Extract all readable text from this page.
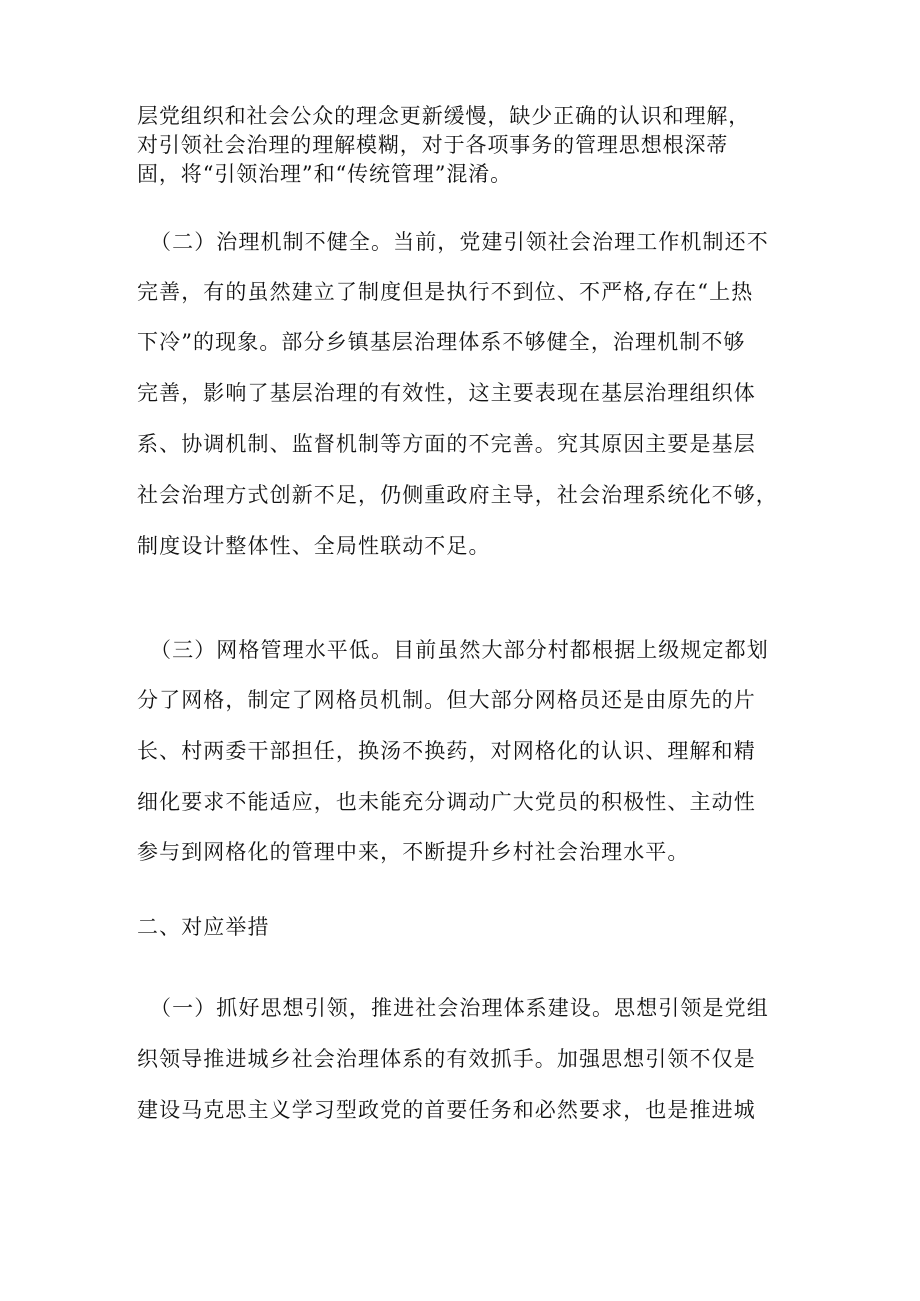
层党组织和社会公众的理念更新缓慢，缺少正确的认识和理解，
对引领社会治理的理解模糊，对于各项事务的管理思想根深蒂
固，将“引领治理”和“传统管理”混淆。
（二）治理机制不健全。当前，党建引领社会治理工作机制还不
完善，有的虽然建立了制度但是执行不到位、不严格,存在“上热
下冷”的现象。部分乡镇基层治理体系不够健全，治理机制不够
完善，影响了基层治理的有效性，这主要表现在基层治理组织体
系、协调机制、监督机制等方面的不完善。究其原因主要是基层
社会治理方式创新不足，仍侧重政府主导，社会治理系统化不够，
制度设计整体性、全局性联动不足。
（三）网格管理水平低。目前虽然大部分村都根据上级规定都划
分了网格，制定了网格员机制。但大部分网格员还是由原先的片
长、村两委干部担任，换汤不换药，对网格化的认识、理解和精
细化要求不能适应，也未能充分调动广大党员的积极性、主动性
参与到网格化的管理中来，不断提升乡村社会治理水平。
二、对应举措
（一）抓好思想引领，推进社会治理体系建设。思想引领是党组
织领导推进城乡社会治理体系的有效抓手。加强思想引领不仅是
建设马克思主义学习型政党的首要任务和必然要求，也是推进城
